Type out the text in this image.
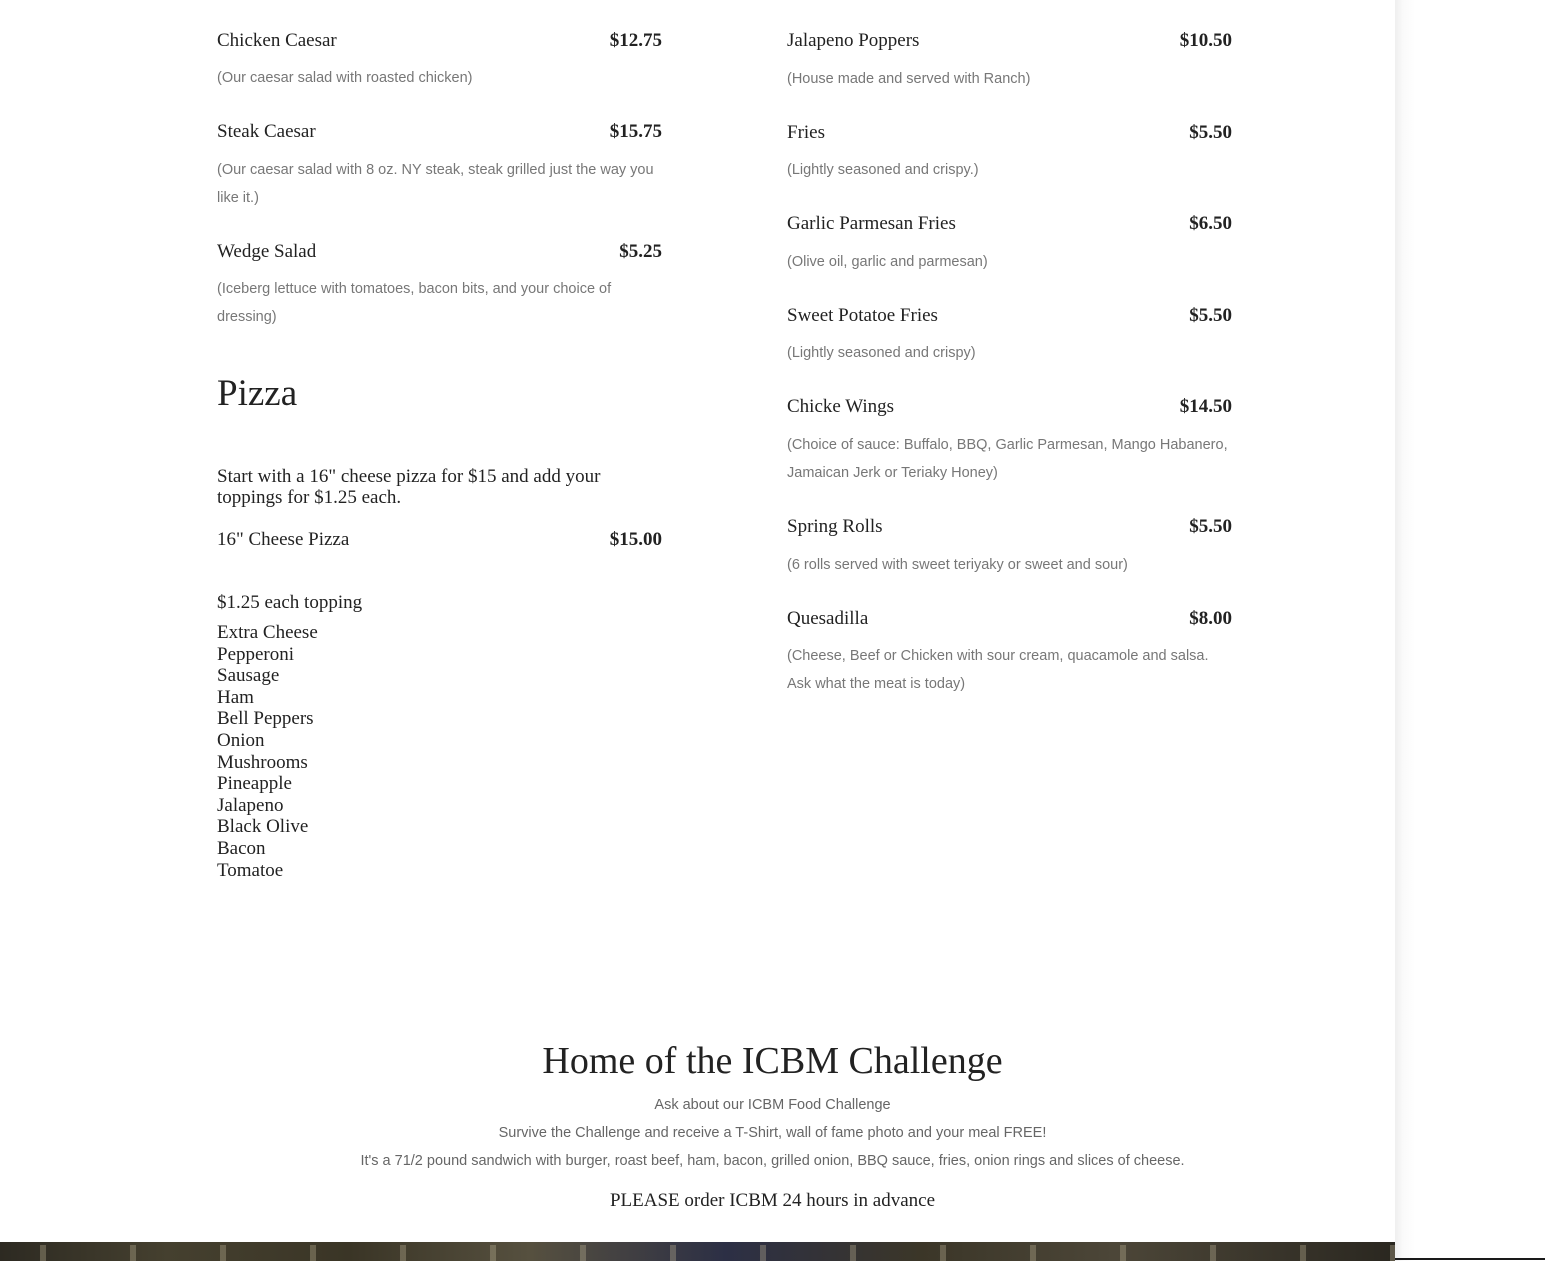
Chicken Caesar	$12.75
(Our caesar salad with roasted chicken)
Steak Caesar	$15.75
(Our caesar salad with 8 oz. NY steak, steak grilled just the way you like it.)
Wedge Salad	$5.25
(Iceberg lettuce with tomatoes, bacon bits, and your choice of dressing)
Pizza
Start with a 16" cheese pizza for $15 and add your toppings for $1.25 each.
16" Cheese Pizza	$15.00
$1.25 each topping
Extra Cheese
Pepperoni
Sausage
Ham
Bell Peppers
Onion
Mushrooms
Pineapple
Jalapeno
Black Olive
Bacon
Tomatoe
Jalapeno Poppers	$10.50
(House made and served with Ranch)
Fries	$5.50
(Lightly seasoned and crispy.)
Garlic Parmesan Fries	$6.50
(Olive oil, garlic and parmesan)
Sweet Potatoe Fries	$5.50
(Lightly seasoned and crispy)
Chicke Wings	$14.50
(Choice of sauce: Buffalo, BBQ, Garlic Parmesan, Mango Habanero, Jamaican Jerk or Teriaky Honey)
Spring Rolls	$5.50
(6 rolls served with sweet teriyaky or sweet and sour)
Quesadilla	$8.00
(Cheese, Beef or Chicken with sour cream, quacamole and salsa. Ask what the meat is today)
Home of the ICBM Challenge
Ask about our ICBM Food Challenge
Survive the Challenge and receive a T-Shirt, wall of fame photo and your meal FREE!
It's a 71/2 pound sandwich with burger, roast beef, ham, bacon, grilled onion, BBQ sauce, fries, onion rings and slices of cheese.
PLEASE order ICBM 24 hours in advance
